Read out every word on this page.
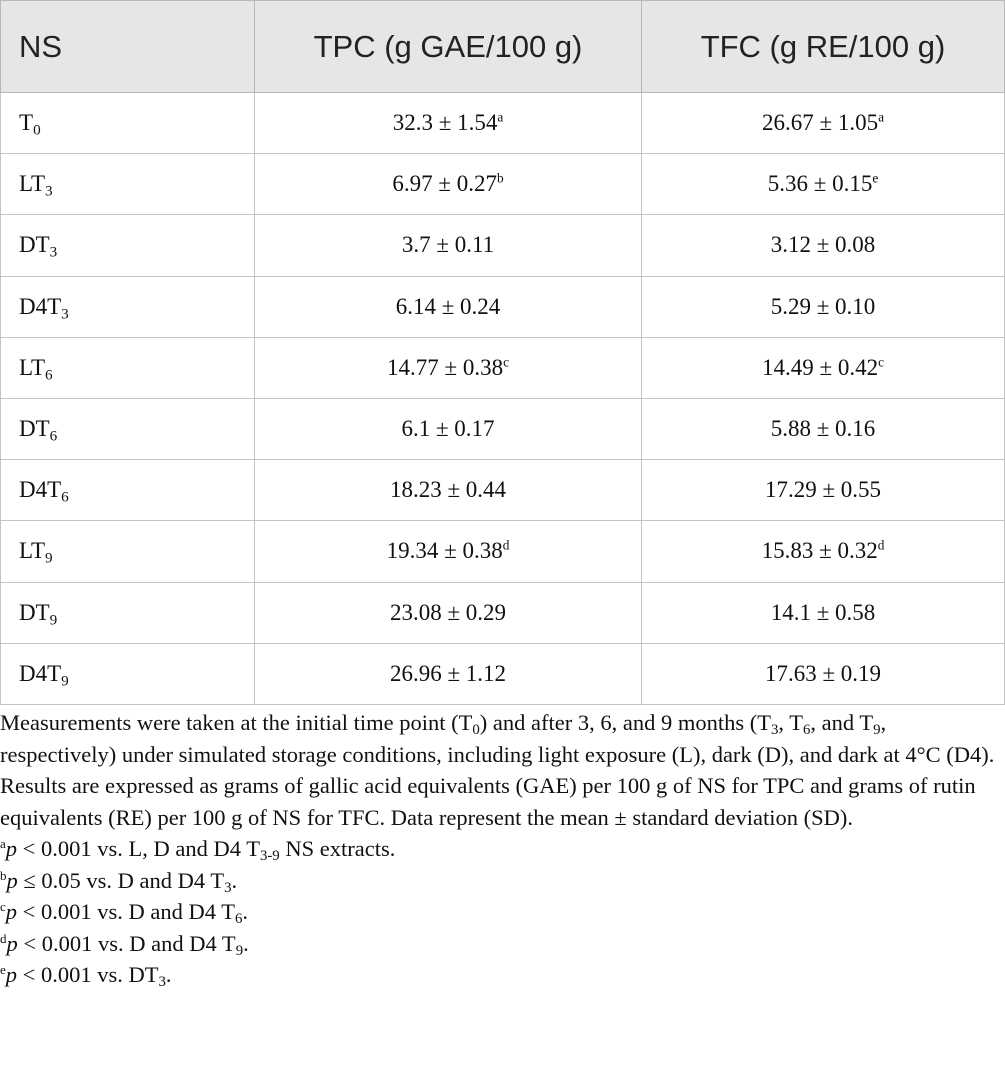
NS	TPC (g GAE/100 g)	TFC (g RE/100 g)
$T_0$	32.3 ± 1.54$^a$	26.67 ± 1.05$^a$
$LT_3$	6.97 ± 0.27$^b$	5.36 ± 0.15$^e$
$DT_3$	3.7 ± 0.11	3.12 ± 0.08
$D4T_3$	6.14 ± 0.24	5.29 ± 0.10
$LT_6$	14.77 ± 0.38$^c$	14.49 ± 0.42$^c$
$DT_6$	6.1 ± 0.17	5.88 ± 0.16
$D4T_6$	18.23 ± 0.44	17.29 ± 0.55
$LT_9$	19.34 ± 0.38$^d$	15.83 ± 0.32$^d$
$DT_9$	23.08 ± 0.29	14.1 ± 0.58
$D4T_9$	26.96 ± 1.12	17.63 ± 0.19

Measurements were taken at the initial time point $(T_0)$ and after 3, 6, and 9 months ($T_3$, $T_6$, and $T_9$, respectively) under simulated storage conditions, including light exposure (L), dark (D), and dark at 4°C (D4). Results are expressed as grams of gallic acid equivalents (GAE) per 100 g of NS for TPC and grams of rutin equivalents (RE) per 100 g of NS for TFC. Data represent the mean ± standard deviation (SD).

$^a$p < 0.001 vs. L, D and D4 $T_{3-9}$ NS extracts.

$^b$p ≤ 0.05 vs. D and D4 $T_3$.

$^c$p < 0.001 vs. D and D4 $T_6$.

$^d$p < 0.001 vs. D and D4 $T_9$.

$^e$p < 0.001 vs. $DT_3$.
